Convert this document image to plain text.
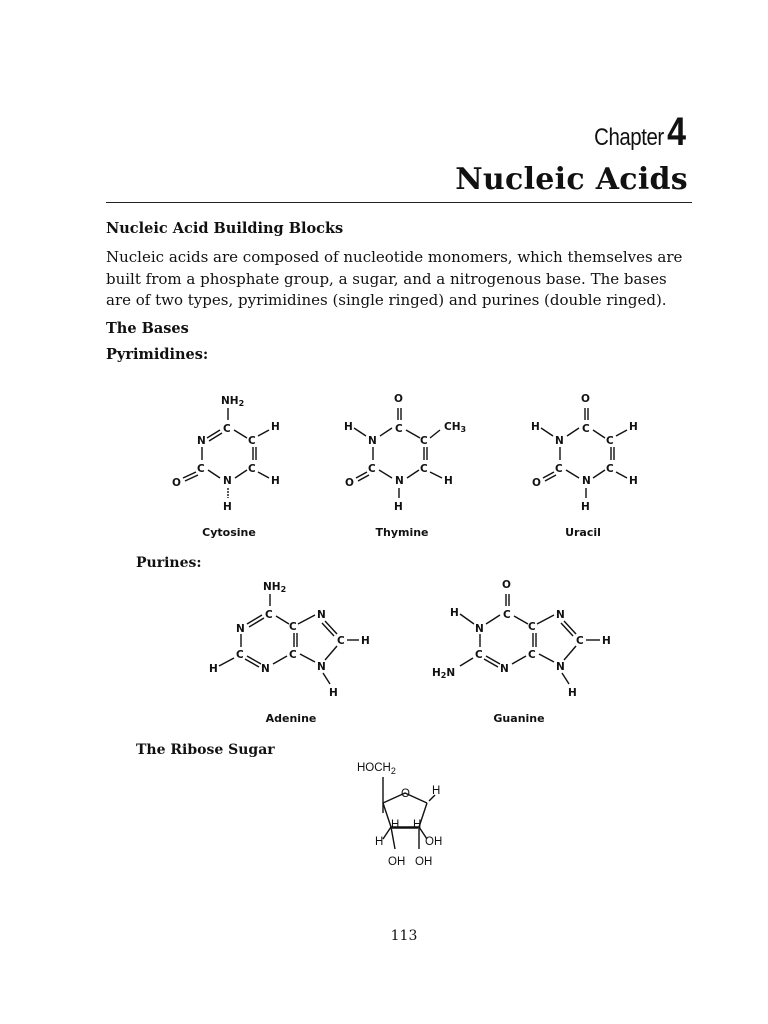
Chapter4
Nucleic Acids
Nucleic Acid Building Blocks
Nucleic acids are composed of nucleotide monomers, which themselves are built from a phosphate group, a sugar, and a nitrogenous base. The bases are of two types, pyrimidines (single ringed) and purines (double ringed).
The Bases
Pyrimidines:
NH2
C
N	C
H
C	C
O	N	H
H
Cytosine
O
C
H
N	C
CH3
C	C
O	N	H
H
Thymine
O
C
H
N	C
H
C	C
O	N	H
H
Uracil
Purines:
NH2
C
N	C
N
C H
C	C
H	N	N
H
Adenine
O
C
H
N	C
N
C H
C	C
H2N	N	N
H
Guanine
The Ribose Sugar
$HOCH_2$
O H
H H
H	OH
OH OH
113
